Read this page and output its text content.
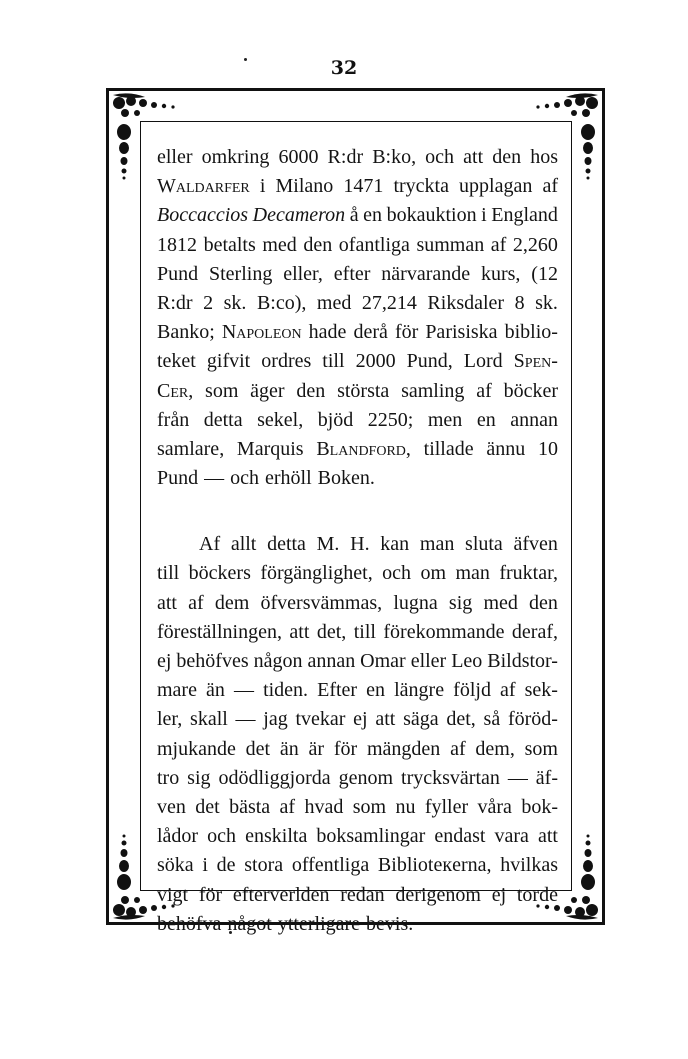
32
eller omkring 6000 R:dr B:ko, och att den hos
Waldarfer i Milano 1471 tryckta upplagan af
Boccaccios Decameron å en bokauktion i England
1812 betalts med den ofantliga summan af 2,260
Pund Sterling eller, efter närvarande kurs, (12
R:dr 2 sk. B:co), med 27,214 Riksdaler 8 sk.
Banko; Napoleon hade derå för Parisiska biblio-
teket gifvit ordres till 2000 Pund, Lord Spen-
Cer, som äger den största samling af böcker
från detta sekel, bjöd 2250; men en annan
samlare, Marquis Blandford, tillade ännu 10
Pund — och erhöll Boken.
Af allt detta M. H. kan man sluta äfven
till böckers förgänglighet, och om man fruktar,
att af dem öfversvämmas, lugna sig med den
föreställningen, att det, till förekommande deraf,
ej behöfves någon annan Omar eller Leo Bildstor-
mare än — tiden. Efter en längre följd af sek-
ler, skall — jag tvekar ej att säga det, så föröd-
mjukande det än är för mängden af dem, som
tro sig odödliggjorda genom trycksvärtan — äf-
ven det bästa af hvad som nu fyller våra bok-
lådor och enskilta boksamlingar endast vara att
söka i de stora offentliga Biblioteкerna, hvilkas
vigt för efterverlden redan derigenom ej torde
behöfva något ytterligare bevis.
